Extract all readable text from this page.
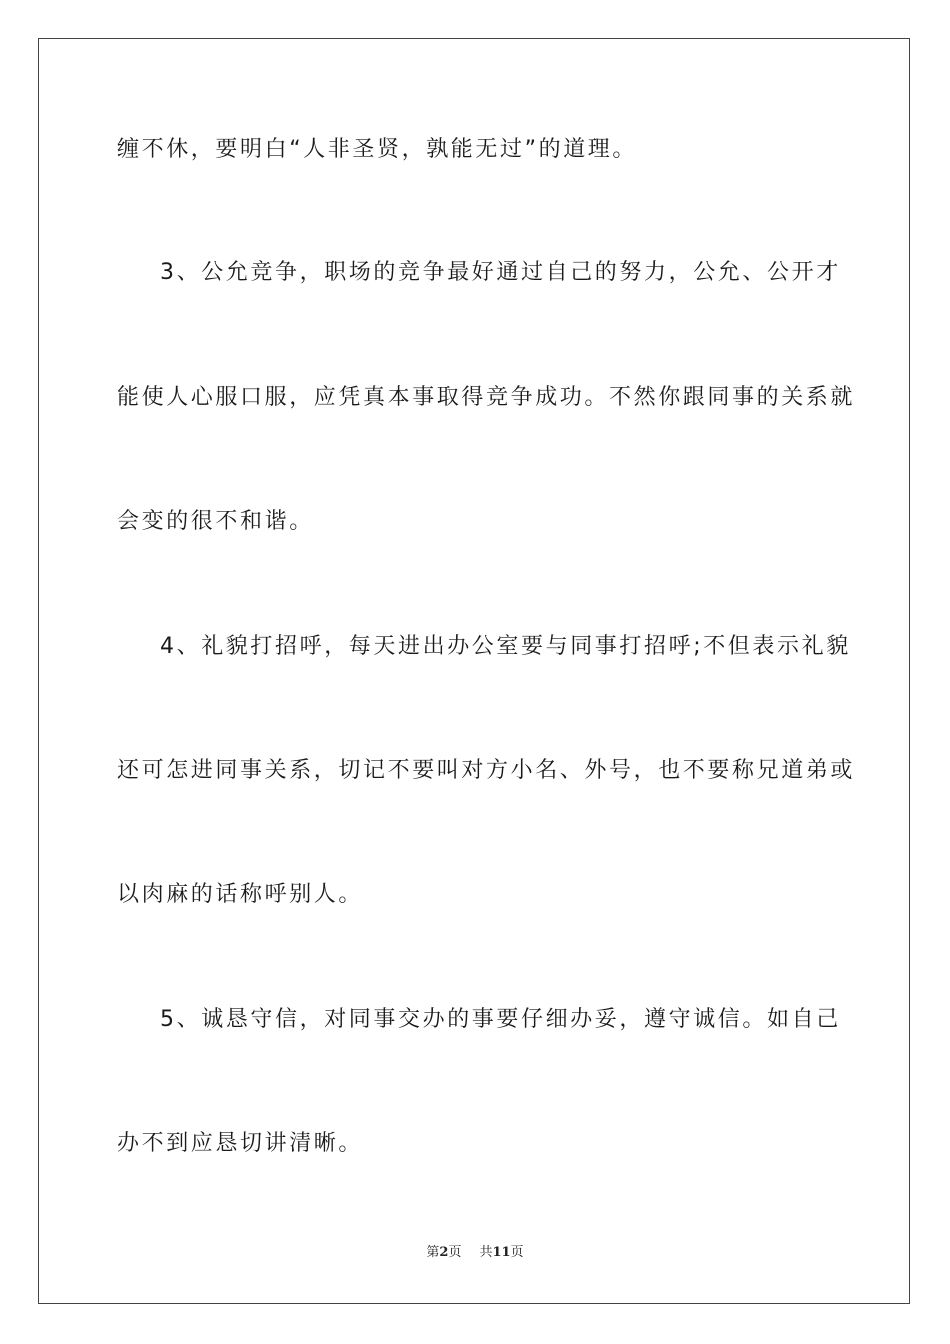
缠不休，要明白“人非圣贤，孰能无过”的道理。
3、公允竞争，职场的竞争最好通过自己的努力，公允、公开才
能使人心服口服，应凭真本事取得竞争成功。不然你跟同事的关系就
会变的很不和谐。
4、礼貌打招呼，每天进出办公室要与同事打招呼;不但表示礼貌
还可怎进同事关系，切记不要叫对方小名、外号，也不要称兄道弟或
以肉麻的话称呼别人。
5、诚恳守信，对同事交办的事要仔细办妥，遵守诚信。如自己
办不到应恳切讲清晰。
第2页 共11页
